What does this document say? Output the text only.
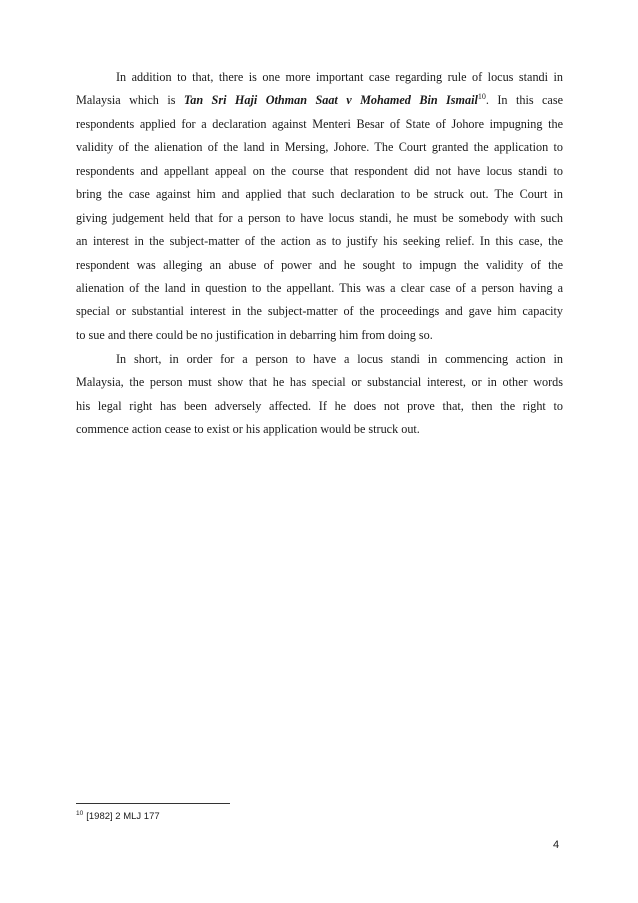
In addition to that, there is one more important case regarding rule of locus standi in
Malaysia which is Tan Sri Haji Othman Saat v Mohamed Bin Ismail$^{10}$. In this case
respondents applied for a declaration against Menteri Besar of State of Johore impugning the
validity of the alienation of the land in Mersing, Johore. The Court granted the application to
respondents and appellant appeal on the course that respondent did not have locus standi to
bring the case against him and applied that such declaration to be struck out. The Court in
giving judgement held that for a person to have locus standi, he must be somebody with such
an interest in the subject-matter of the action as to justify his seeking relief. In this case, the
respondent was alleging an abuse of power and he sought to impugn the validity of the
alienation of the land in question to the appellant. This was a clear case of a person having a
special or substantial interest in the subject-matter of the proceedings and gave him capacity
to sue and there could be no justification in debarring him from doing so.
In short, in order for a person to have a locus standi in commencing action in
Malaysia, the person must show that he has special or substancial interest, or in other words
his legal right has been adversely affected. If he does not prove that, then the right to
commence action cease to exist or his application would be struck out.
$^{10}$ [1982] 2 MLJ 177
4
